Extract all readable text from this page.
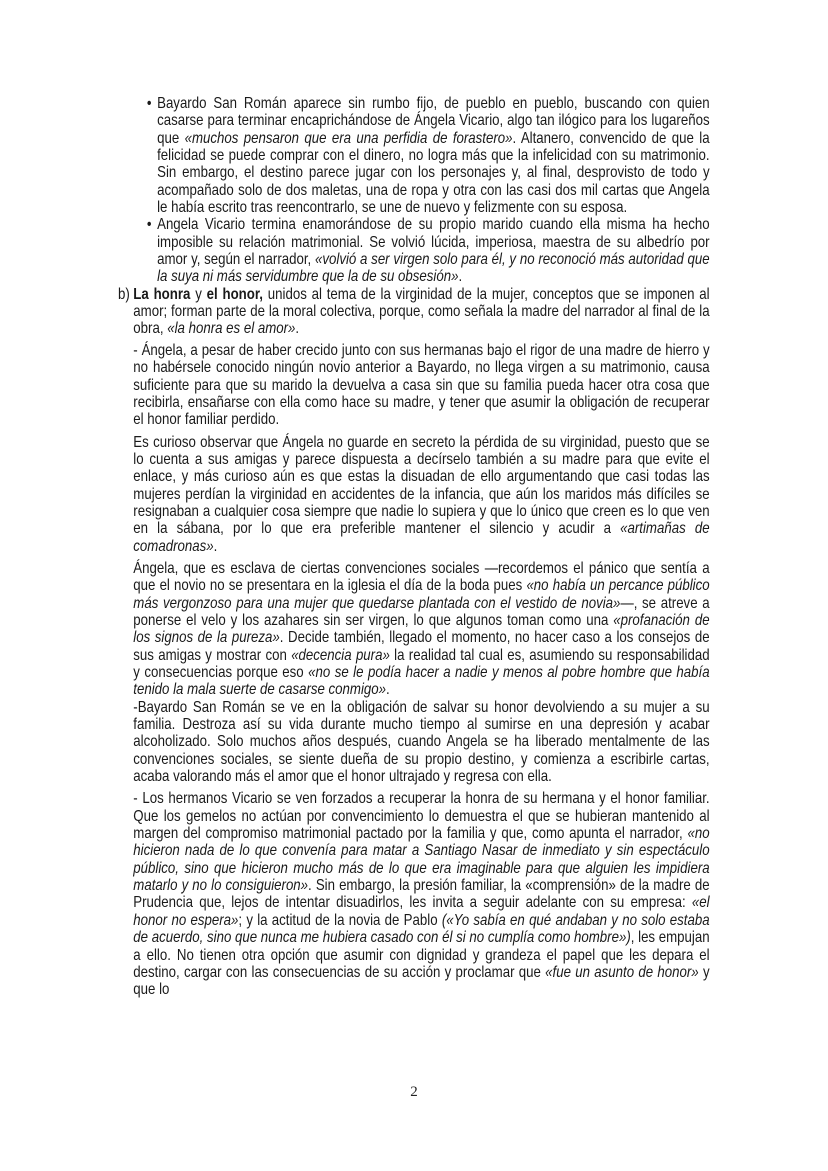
• Bayardo San Román aparece sin rumbo fijo, de pueblo en pueblo, buscando con quien casarse para terminar encaprichándose de Ángela Vicario, algo tan ilógico para los lugareños que «muchos pensaron que era una perfidia de forastero». Altanero, convencido de que la felicidad se puede comprar con el dinero, no logra más que la infelicidad con su matrimonio. Sin embargo, el destino parece jugar con los personajes y, al final, desprovisto de todo y acompañado solo de dos maletas, una de ropa y otra con las casi dos mil cartas que Angela le había escrito tras reencontrarlo, se une de nuevo y felizmente con su esposa.
• Angela Vicario termina enamorándose de su propio marido cuando ella misma ha hecho imposible su relación matrimonial. Se volvió lúcida, imperiosa, maestra de su albedrío por amor y, según el narrador, «volvió a ser virgen solo para él, y no reconoció más autoridad que la suya ni más servidumbre que la de su obsesión».
b) La honra y el honor, unidos al tema de la virginidad de la mujer, conceptos que se imponen al amor; forman parte de la moral colectiva, porque, como señala la madre del narrador al final de la obra, «la honra es el amor».
- Ángela, a pesar de haber crecido junto con sus hermanas bajo el rigor de una madre de hierro y no habérsele conocido ningún novio anterior a Bayardo, no llega virgen a su matrimonio, causa suficiente para que su marido la devuelva a casa sin que su familia pueda hacer otra cosa que recibirla, ensañarse con ella como hace su madre, y tener que asumir la obligación de recuperar el honor familiar perdido.
Es curioso observar que Ángela no guarde en secreto la pérdida de su virginidad, puesto que se lo cuenta a sus amigas y parece dispuesta a decírselo también a su madre para que evite el enlace, y más curioso aún es que estas la disuadan de ello argumentando que casi todas las mujeres perdían la virginidad en accidentes de la infancia, que aún los maridos más difíciles se resignaban a cualquier cosa siempre que nadie lo supiera y que lo único que creen es lo que ven en la sábana, por lo que era preferible mantener el silencio y acudir a «artimañas de comadronas».
Ángela, que es esclava de ciertas convenciones sociales —recordemos el pánico que sentía a que el novio no se presentara en la iglesia el día de la boda pues «no había un percance público más vergonzoso para una mujer que quedarse plantada con el vestido de novia»—, se atreve a ponerse el velo y los azahares sin ser virgen, lo que algunos toman como una «profanación de los signos de la pureza». Decide también, llegado el momento, no hacer caso a los consejos de sus amigas y mostrar con «decencia pura» la realidad tal cual es, asumiendo su responsabilidad y consecuencias porque eso «no se le podía hacer a nadie y menos al pobre hombre que había tenido la mala suerte de casarse conmigo».
-Bayardo San Román se ve en la obligación de salvar su honor devolviendo a su mujer a su familia. Destroza así su vida durante mucho tiempo al sumirse en una depresión y acabar alcoholizado. Solo muchos años después, cuando Angela se ha liberado mentalmente de las convenciones sociales, se siente dueña de su propio destino, y comienza a escribirle cartas, acaba valorando más el amor que el honor ultrajado y regresa con ella.
- Los hermanos Vicario se ven forzados a recuperar la honra de su hermana y el honor familiar. Que los gemelos no actúan por convencimiento lo demuestra el que se hubieran mantenido al margen del compromiso matrimonial pactado por la familia y que, como apunta el narrador, «no hicieron nada de lo que convenía para matar a Santiago Nasar de inmediato y sin espectáculo público, sino que hicieron mucho más de lo que era imaginable para que alguien les impidiera matarlo y no lo consiguieron». Sin embargo, la presión familiar, la «comprensión» de la madre de Prudencia que, lejos de intentar disuadirlos, les invita a seguir adelante con su empresa: «el honor no espera»; y la actitud de la novia de Pablo («Yo sabía en qué andaban y no solo estaba de acuerdo, sino que nunca me hubiera casado con él si no cumplía como hombre»), les empujan a ello. No tienen otra opción que asumir con dignidad y grandeza el papel que les depara el destino, cargar con las consecuencias de su acción y proclamar que «fue un asunto de honor» y que lo
2
